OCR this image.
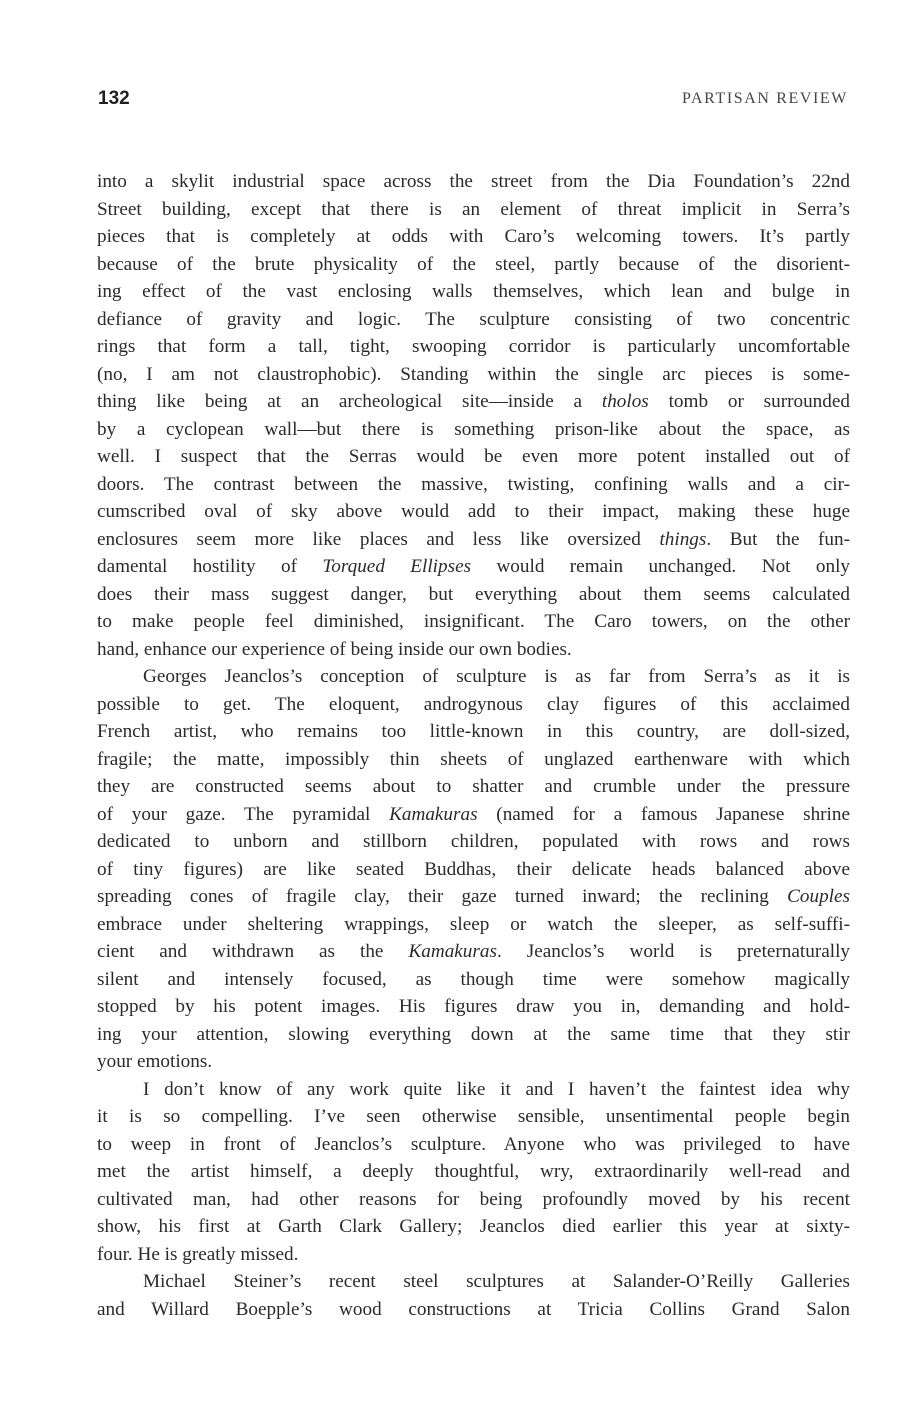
132	PARTISAN REVIEW
into a skylit industrial space across the street from the Dia Foundation’s 22nd
Street building, except that there is an element of threat implicit in Serra’s
pieces that is completely at odds with Caro’s welcoming towers. It’s partly
because of the brute physicality of the steel, partly because of the disorient-
ing effect of the vast enclosing walls themselves, which lean and bulge in
defiance of gravity and logic. The sculpture consisting of two concentric
rings that form a tall, tight, swooping corridor is particularly uncomfortable
(no, I am not claustrophobic). Standing within the single arc pieces is some-
thing like being at an archeological site—inside a tholos tomb or surrounded
by a cyclopean wall—but there is something prison-like about the space, as
well. I suspect that the Serras would be even more potent installed out of
doors. The contrast between the massive, twisting, confining walls and a cir-
cumscribed oval of sky above would add to their impact, making these huge
enclosures seem more like places and less like oversized things. But the fun-
damental hostility of Torqued Ellipses would remain unchanged. Not only
does their mass suggest danger, but everything about them seems calculated
to make people feel diminished, insignificant. The Caro towers, on the other
hand, enhance our experience of being inside our own bodies.
Georges Jeanclos’s conception of sculpture is as far from Serra’s as it is
possible to get. The eloquent, androgynous clay figures of this acclaimed
French artist, who remains too little-known in this country, are doll-sized,
fragile; the matte, impossibly thin sheets of unglazed earthenware with which
they are constructed seems about to shatter and crumble under the pressure
of your gaze. The pyramidal Kamakuras (named for a famous Japanese shrine
dedicated to unborn and stillborn children, populated with rows and rows
of tiny figures) are like seated Buddhas, their delicate heads balanced above
spreading cones of fragile clay, their gaze turned inward; the reclining Couples
embrace under sheltering wrappings, sleep or watch the sleeper, as self-suffi-
cient and withdrawn as the Kamakuras. Jeanclos’s world is preternaturally
silent and intensely focused, as though time were somehow magically
stopped by his potent images. His figures draw you in, demanding and hold-
ing your attention, slowing everything down at the same time that they stir
your emotions.
I don’t know of any work quite like it and I haven’t the faintest idea why
it is so compelling. I’ve seen otherwise sensible, unsentimental people begin
to weep in front of Jeanclos’s sculpture. Anyone who was privileged to have
met the artist himself, a deeply thoughtful, wry, extraordinarily well-read and
cultivated man, had other reasons for being profoundly moved by his recent
show, his first at Garth Clark Gallery; Jeanclos died earlier this year at sixty-
four. He is greatly missed.
Michael Steiner’s recent steel sculptures at Salander-O’Reilly Galleries
and Willard Boepple’s wood constructions at Tricia Collins Grand Salon
